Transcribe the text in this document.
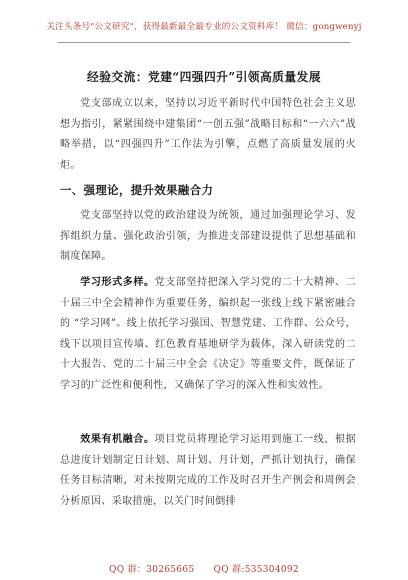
关注头条号"公文研究"，获得最新最全最专业的公文资料库！ 微信：gongwenyj
经验交流：党建“四强四升”引领高质量发展
党支部成立以来，坚持以习近平新时代中国特色社会主义思想为指引，紧紧围绕中建集团“一创五强”战略目标和“一六六”战略举措，以“四强四升”工作法为引擎，点燃了高质量发展的火炬。
一、强理论，提升效果融合力
党支部坚持以党的政治建设为统领，通过加强理论学习、发挥组织力量、强化政治引领，为推进支部建设提供了思想基础和制度保障。
学习形式多样。党支部坚持把深入学习党的二十大精神、二十届三中全会精神作为重要任务，编织起一张线上线下紧密融合的 “学习网”。线上依托学习强国、智慧党建、工作群、公众号，线下以项目宣传墙、红色教育基地研学为载体，深入研读党的二十大报告、党的二十届三中全会《决定》等重要文件，既保证了学习的广泛性和便利性，又确保了学习的深入性和实效性。
效果有机融合。项目党员将理论学习运用到施工一线，根据总进度计划制定日计划、周计划、月计划，严抓计划执行，确保任务目标清晰，对未按期完成的工作及时召开生产例会和周例会分析原因、采取措施，以关门时间倒排
QQ 群：30265665 QQ 群:535304092
